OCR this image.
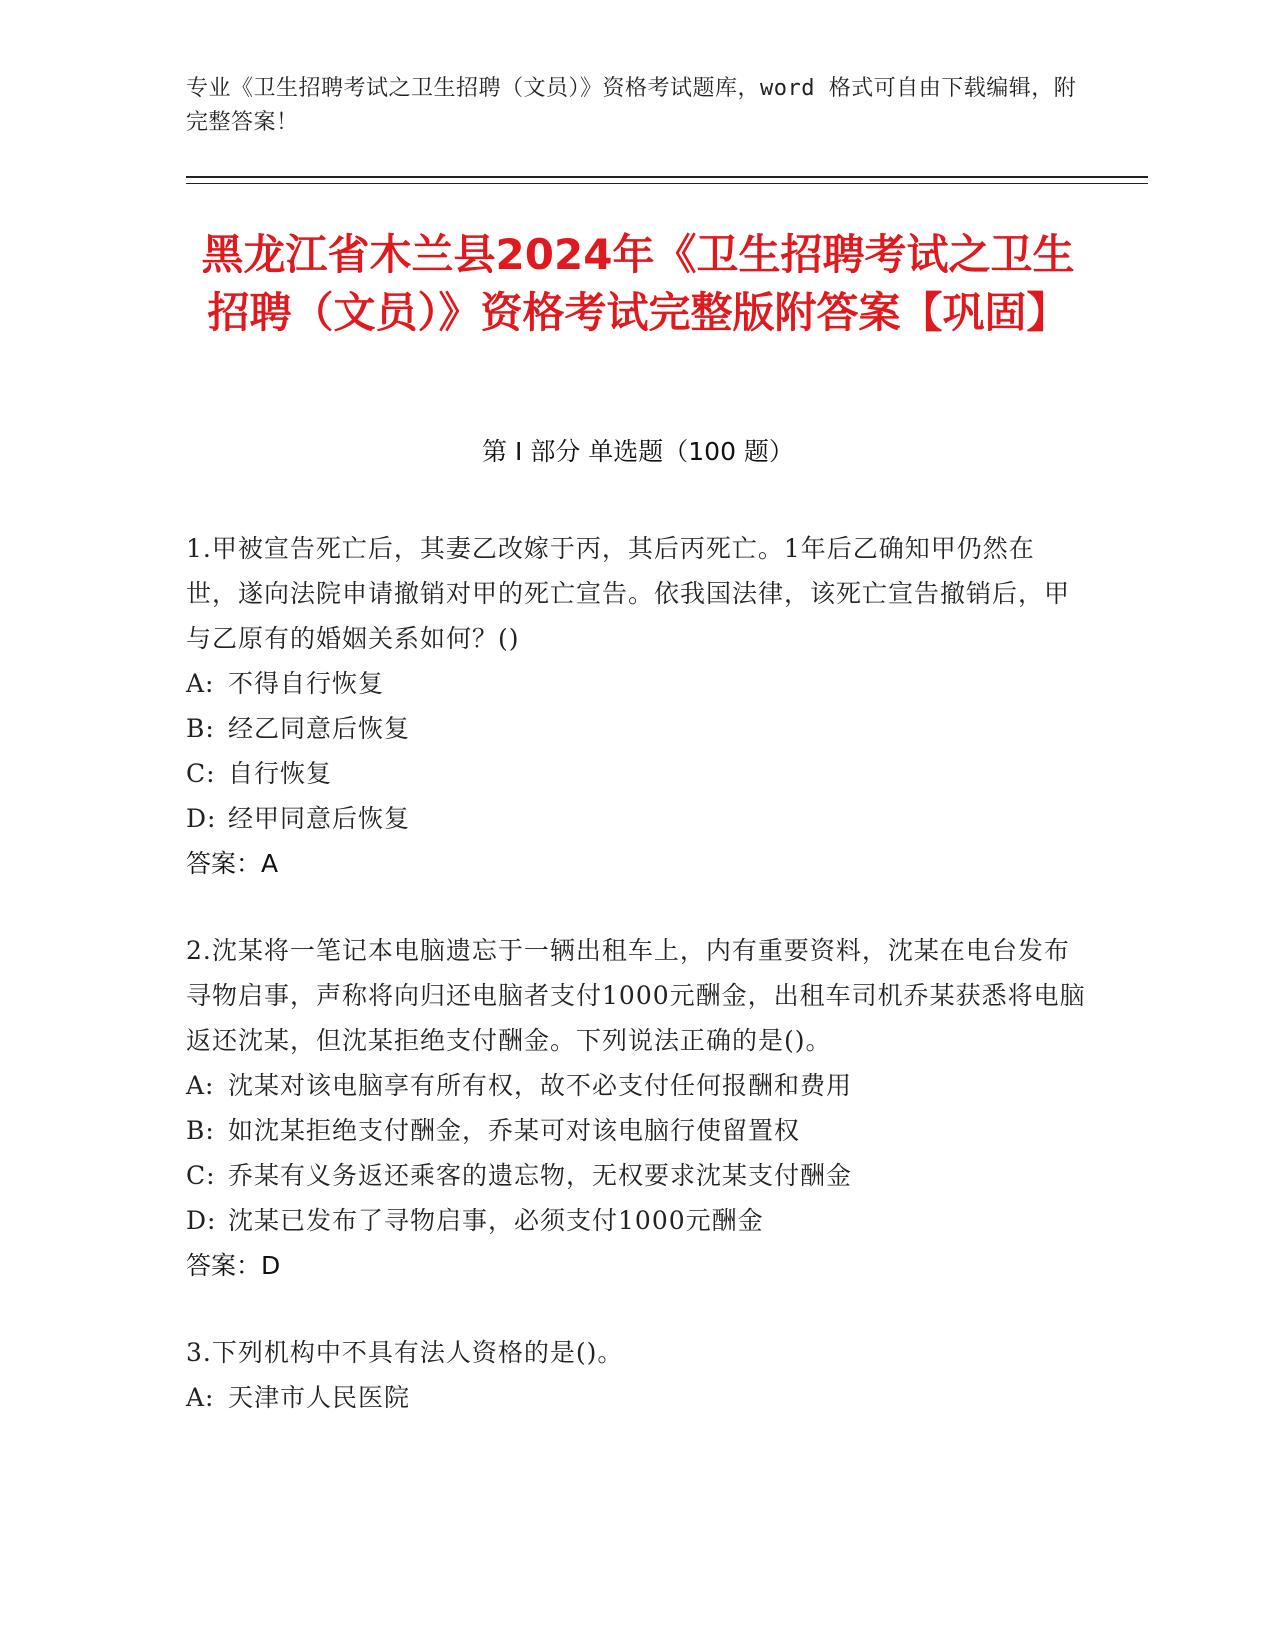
专业《卫生招聘考试之卫生招聘（文员）》资格考试题库，word 格式可自由下载编辑，附完整答案！
黑龙江省木兰县2024年《卫生招聘考试之卫生招聘（文员）》资格考试完整版附答案【巩固】
第 I 部分 单选题（100 题）
1.甲被宣告死亡后，其妻乙改嫁于丙，其后丙死亡。1年后乙确知甲仍然在世，遂向法院申请撤销对甲的死亡宣告。依我国法律，该死亡宣告撤销后，甲与乙原有的婚姻关系如何？()
A: 不得自行恢复
B: 经乙同意后恢复
C: 自行恢复
D: 经甲同意后恢复
答案：A
2.沈某将一笔记本电脑遗忘于一辆出租车上，内有重要资料，沈某在电台发布寻物启事，声称将向归还电脑者支付1000元酬金，出租车司机乔某获悉将电脑返还沈某，但沈某拒绝支付酬金。下列说法正确的是()。
A: 沈某对该电脑享有所有权，故不必支付任何报酬和费用
B: 如沈某拒绝支付酬金，乔某可对该电脑行使留置权
C: 乔某有义务返还乘客的遗忘物，无权要求沈某支付酬金
D: 沈某已发布了寻物启事，必须支付1000元酬金
答案：D
3.下列机构中不具有法人资格的是()。
A: 天津市人民医院
